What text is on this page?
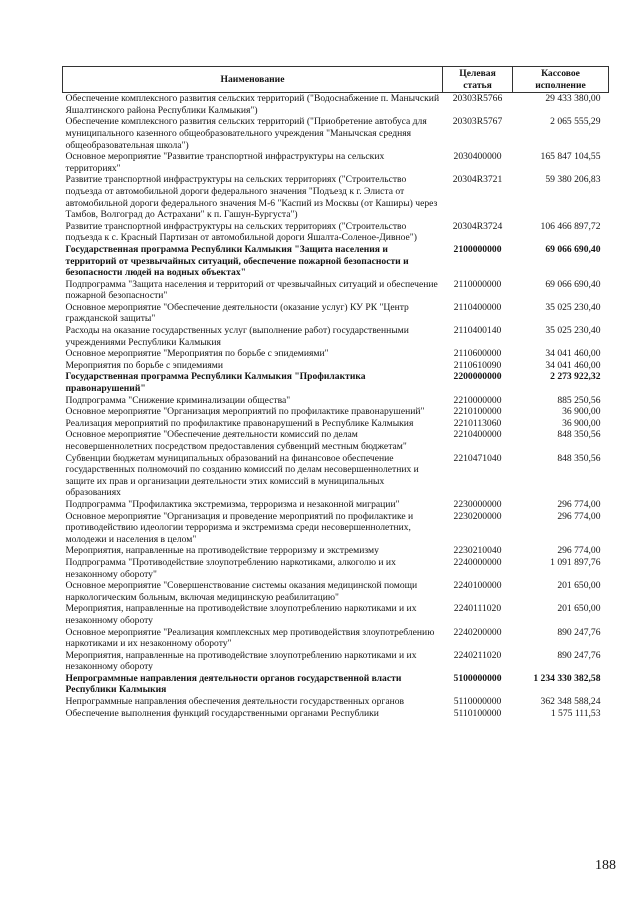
Наименование	Целевая статья	Кассовое исполнение
Обеспечение комплексного развития сельских территорий ("Водоснабжение п. Манычский Яшалтинского района Республики Калмыкия")	20303R5766	29 433 380,00
Обеспечение комплексного развития сельских территорий ("Приобретение автобуса для муниципального казенного общеобразовательного учреждения "Манычская средняя общеобразовательная школа")	20303R5767	2 065 555,29
Основное мероприятие "Развитие транспортной инфраструктуры на сельских территориях"	2030400000	165 847 104,55
Развитие транспортной инфраструктуры на сельских территориях ("Строительство подъезда от автомобильной дороги федерального значения "Подъезд к г. Элиста от автомобильной дороги федерального значения М-6 "Каспий из Москвы (от Каширы) через Тамбов, Волгоград до Астрахани" к п. Гашун-Бургуста")	20304R3721	59 380 206,83
Развитие транспортной инфраструктуры на сельских территориях ("Строительство подъезда к с. Красный Партизан от автомобильной дороги Яшалта-Соленое-Дивное")	20304R3724	106 466 897,72
Государственная программа Республики Калмыкия "Защита населения и территорий от чрезвычайных ситуаций, обеспечение пожарной безопасности и безопасности людей на водных объектах"	2100000000	69 066 690,40
Подпрограмма "Защита населения и территорий от чрезвычайных ситуаций и обеспечение пожарной безопасности"	2110000000	69 066 690,40
Основное мероприятие "Обеспечение деятельности (оказание услуг) КУ РК "Центр гражданской защиты"	2110400000	35 025 230,40
Расходы на оказание государственных услуг (выполнение работ) государственными учреждениями Республики Калмыкия	2110400140	35 025 230,40
Основное мероприятие "Мероприятия по борьбе с эпидемиями"	2110600000	34 041 460,00
Мероприятия по борьбе с эпидемиями	2110610090	34 041 460,00
Государственная программа Республики Калмыкия "Профилактика правонарушений"	2200000000	2 273 922,32
Подпрограмма "Снижение криминализации общества"	2210000000	885 250,56
Основное мероприятие "Организация мероприятий по профилактике правонарушений"	2210100000	36 900,00
Реализация мероприятий по профилактике правонарушений в Республике Калмыкия	2210113060	36 900,00
Основное мероприятие "Обеспечение деятельности комиссий по делам несовершеннолетних посредством предоставления субвенций местным бюджетам"	2210400000	848 350,56
Субвенции бюджетам муниципальных образований на финансовое обеспечение государственных полномочий по созданию комиссий по делам несовершеннолетних и защите их прав и организации деятельности этих комиссий в муниципальных образованиях	2210471040	848 350,56
Подпрограмма "Профилактика экстремизма, терроризма и незаконной миграции"	2230000000	296 774,00
Основное мероприятие "Организация и проведение мероприятий по профилактике и противодействию идеологии терроризма и экстремизма среди несовершеннолетних, молодежи и населения в целом"	2230200000	296 774,00
Мероприятия, направленные на противодействие терроризму и экстремизму	2230210040	296 774,00
Подпрограмма "Противодействие злоупотреблению наркотиками, алкоголю и их незаконному обороту"	2240000000	1 091 897,76
Основное мероприятие "Совершенствование системы оказания медицинской помощи наркологическим больным, включая медицинскую реабилитацию"	2240100000	201 650,00
Мероприятия, направленные на противодействие злоупотреблению наркотиками и их незаконному обороту	2240111020	201 650,00
Основное мероприятие "Реализация комплексных мер противодействия злоупотреблению наркотиками и их незаконному обороту"	2240200000	890 247,76
Мероприятия, направленные на противодействие злоупотреблению наркотиками и их незаконному обороту	2240211020	890 247,76
Непрограммные направления деятельности органов государственной власти Республики Калмыкия	5100000000	1 234 330 382,58
Непрограммные направления обеспечения деятельности государственных органов	5110000000	362 348 588,24
Обеспечение выполнения функций государственными органами Республики	5110100000	1 575 111,53
188
